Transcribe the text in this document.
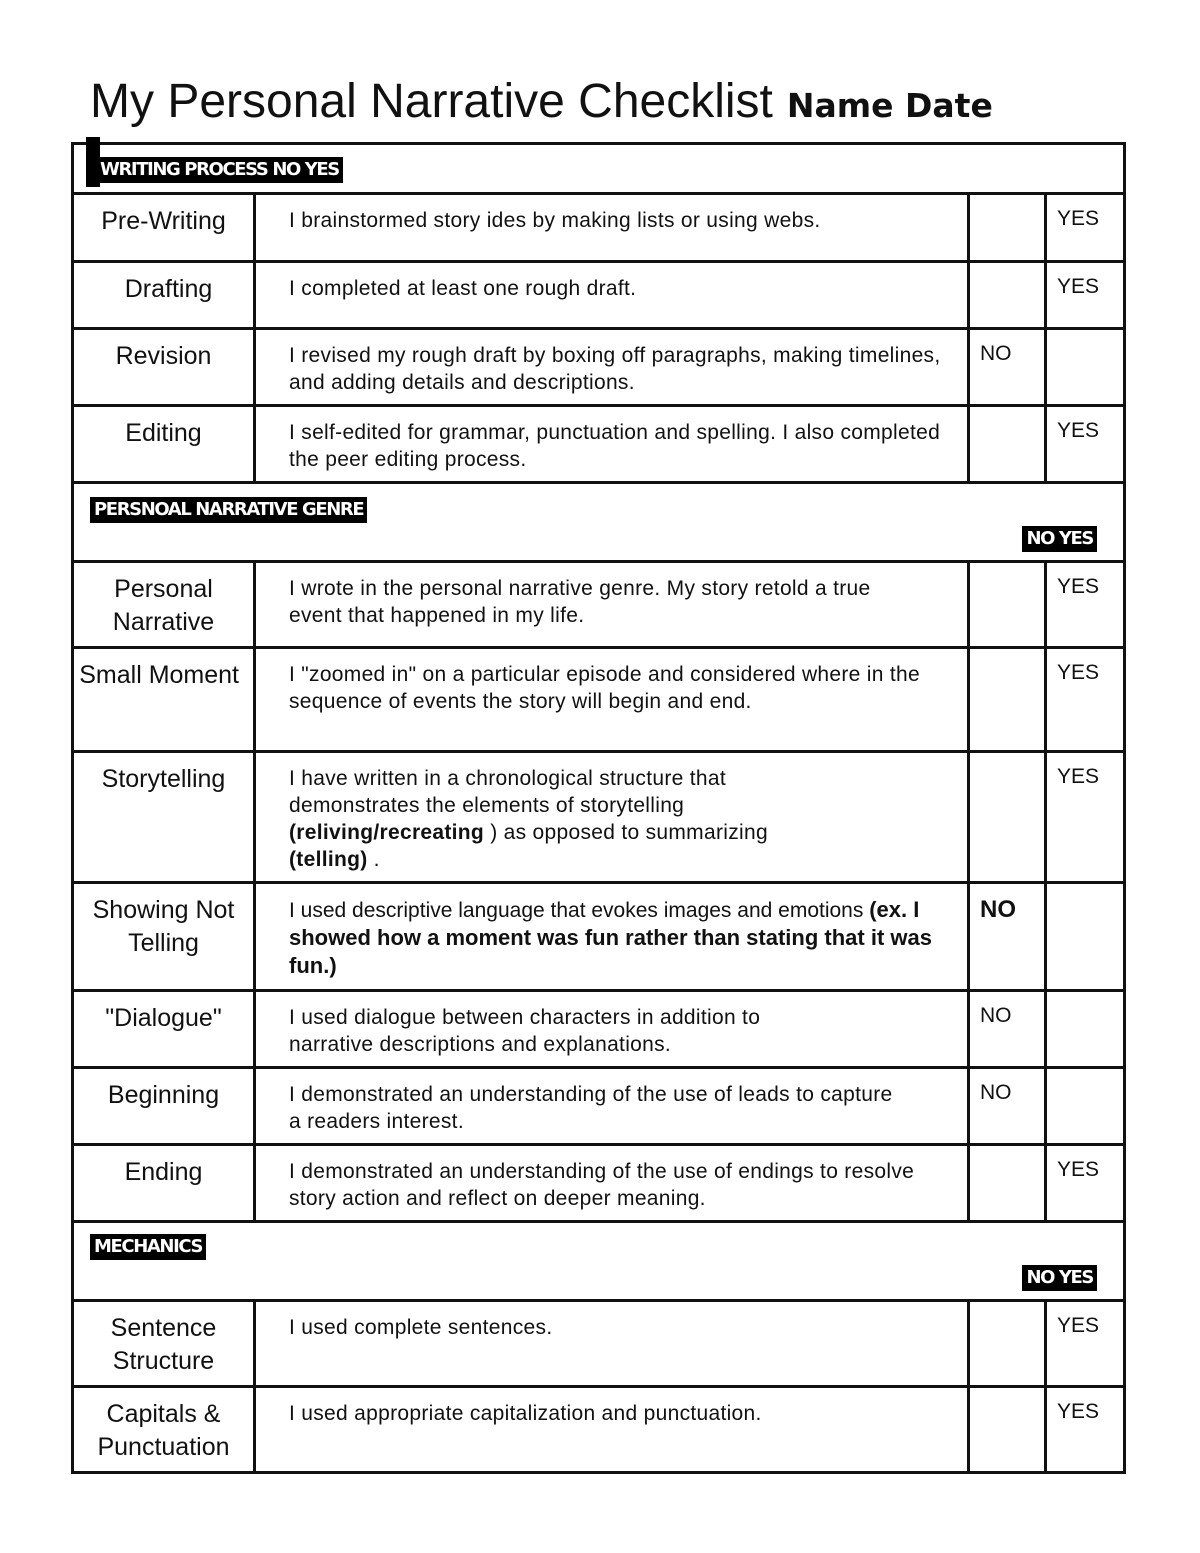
My Personal Narrative Checklist Name Date
WRITING PROCESS NO YES			

Pre-Writing	I brainstormed story ides by making lists or using webs.		YES
Drafting	I completed at least one rough draft.		YES
Revision	I revised my rough draft by boxing off paragraphs, making timelines, and adding details and descriptions.	NO	
Editing	I self-edited for grammar, punctuation and spelling. I also completed the peer editing process.		YES

PERSNOAL NARRATIVE GENRE
NO YES			

Personal Narrative	I wrote in the personal narrative genre. My story retold a true event that happened in my life.		YES
Small Moment	I "zoomed in" on a particular episode and considered where in the sequence of events the story will begin and end.		YES
Storytelling	I have written in a chronological structure that demonstrates the elements of storytelling (reliving/recreating ) as opposed to summarizing (telling) .		YES
Showing Not Telling	I used descriptive language that evokes images and emotions (ex. I showed how a moment was fun rather than stating that it was fun.)	NO	
"Dialogue"	I used dialogue between characters in addition to narrative descriptions and explanations.	NO	
Beginning	I demonstrated an understanding of the use of leads to capture a readers interest.	NO	
Ending	I demonstrated an understanding of the use of endings to resolve story action and reflect on deeper meaning.		YES

MECHANICS
NO YES			

Sentence Structure	I used complete sentences.		YES
Capitals & Punctuation	I used appropriate capitalization and punctuation.		YES
